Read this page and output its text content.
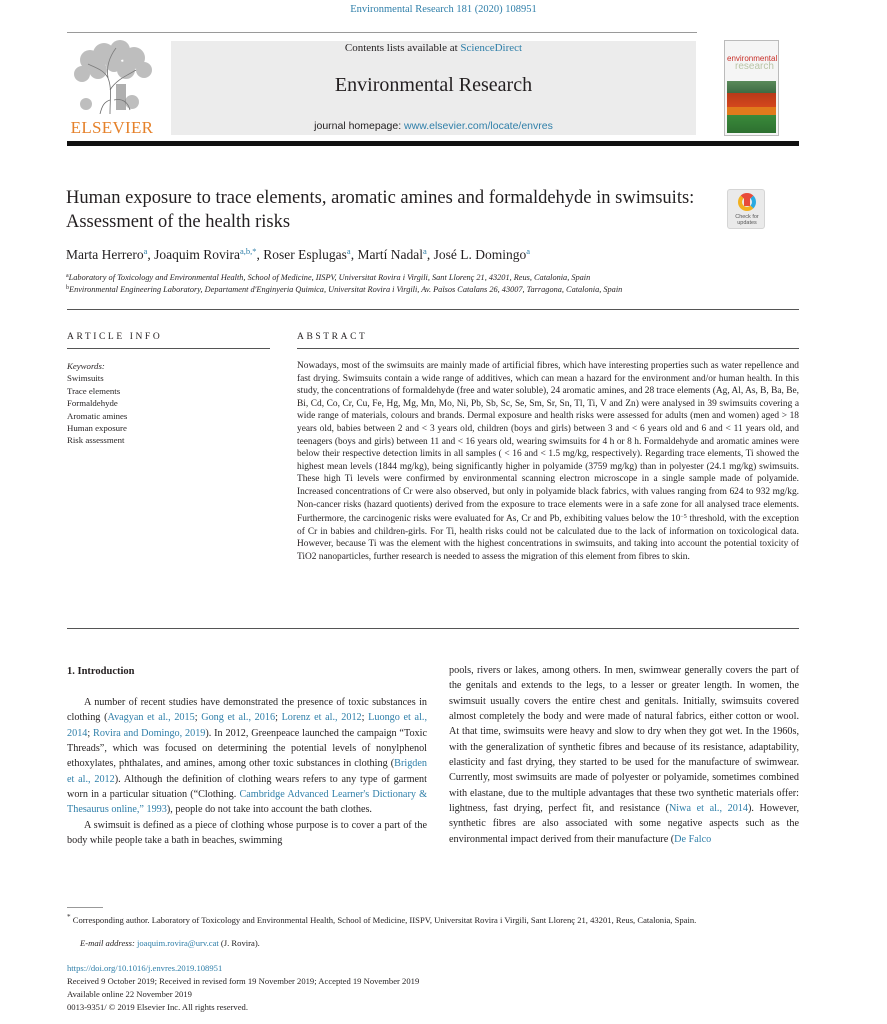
Environmental Research 181 (2020) 108951
ELSEVIER
Contents lists available at ScienceDirect
Environmental Research
journal homepage: www.elsevier.com/locate/envres
environmental
research
Human exposure to trace elements, aromatic amines and formaldehyde in swimsuits: Assessment of the health risks	Check for
updates
Marta Herrero$^a$, Joaquim Rovira$^{a,b,*}$, Roser Esplugas$^a$, Martí Nadal$^a$, José L. Domingo$^a$
$^a$Laboratory of Toxicology and Environmental Health, School of Medicine, IISPV, Universitat Rovira i Virgili, Sant Llorenç 21, 43201, Reus, Catalonia, Spain
$^b$Environmental Engineering Laboratory, Departament d'Enginyeria Quimica, Universitat Rovira i Virgili, Av. Països Catalans 26, 43007, Tarragona, Catalonia, Spain
ARTICLE INFO
Keywords:
Swimsuits
Trace elements
Formaldehyde
Aromatic amines
Human exposure
Risk assessment
ABSTRACT
Nowadays, most of the swimsuits are mainly made of artificial fibres, which have interesting properties such as water repellence and fast drying. Swimsuits contain a wide range of additives, which can mean a hazard for the environment and/or human health. In this study, the concentrations of formaldehyde (free and water soluble), 24 aromatic amines, and 28 trace elements (Ag, Al, As, B, Ba, Be, Bi, Cd, Co, Cr, Cu, Fe, Hg, Mg, Mn, Mo, Ni, Pb, Sb, Sc, Se, Sm, Sr, Sn, Tl, Ti, V and Zn) were analysed in 39 swimsuits covering a wide range of materials, colours and brands. Dermal exposure and health risks were assessed for adults (men and women) aged > 18 years old, babies between 2 and < 3 years old, children (boys and girls) between 3 and < 6 years old and 6 and < 11 years old, and teenagers (boys and girls) between 11 and < 16 years old, wearing swimsuits for 4 h or 8 h. Formaldehyde and aromatic amines were below their respective detection limits in all samples ( < 16 and < 1.5 mg/kg, respectively). Regarding trace elements, Ti showed the highest mean levels (1844 mg/kg), being significantly higher in polyamide (3759 mg/kg) than in polyester (24.1 mg/kg) swimsuits. These high Ti levels were confirmed by environmental scanning electron microscope in a single sample made of polyamide. Increased concentrations of Cr were also observed, but only in polyamide black fabrics, with values ranging from 624 to 932 mg/kg. Non-cancer risks (hazard quotients) derived from the exposure to trace elements were in a safe zone for all analysed trace elements. Furthermore, the carcinogenic risks were evaluated for As, Cr and Pb, exhibiting values below the $10^{-5}$ threshold, with the exception of Cr in babies and children-girls. For Ti, health risks could not be calculated due to the lack of information on toxicological data. However, because Ti was the element with the highest concentrations in swimsuits, and taking into account the potential toxicity of TiO2 nanoparticles, further research is needed to assess the migration of this element from fibres to skin.
1. Introduction

A number of recent studies have demonstrated the presence of toxic substances in clothing (Avagyan et al., 2015; Gong et al., 2016; Lorenz et al., 2012; Luongo et al., 2014; Rovira and Domingo, 2019). In 2012, Greenpeace launched the campaign “Toxic Threads”, which was focused on determining the potential levels of nonylphenol ethoxylates, phthalates, and amines, among other toxic substances in clothing (Brigden et al., 2012). Although the definition of clothing wears refers to any type of garment worn in a particular situation (“Clothing. Cambridge Advanced Learner's Dictionary & Thesaurus online,” 1993), people do not take into account the bath clothes.

A swimsuit is defined as a piece of clothing whose purpose is to cover a part of the body while people take a bath in beaches, swimming

pools, rivers or lakes, among others. In men, swimwear generally covers the part of the genitals and extends to the legs, to a lesser or greater length. In women, the swimsuit usually covers the entire chest and genitals. Initially, swimsuits covered almost completely the body and were made of natural fabrics, either cotton or wool. At that time, swimsuits were heavy and slow to dry when they got wet. In the 1960s, with the generalization of synthetic fibres and because of its resistance, adaptability, elasticity and fast drying, they started to be used for the manufacture of swimwear. Currently, most swimsuits are made of polyester or polyamide, sometimes combined with elastane, due to the multiple advantages that these two synthetic materials offer: lightness, fast drying, perfect fit, and resistance (Niwa et al., 2014). However, synthetic fibres are also associated with some negative aspects such as the environmental impact derived from their manufacture (De Falco

* Corresponding author. Laboratory of Toxicology and Environmental Health, School of Medicine, IISPV, Universitat Rovira i Virgili, Sant Llorenç 21, 43201, Reus, Catalonia, Spain.
E-mail address: joaquim.rovira@urv.cat (J. Rovira).
https://doi.org/10.1016/j.envres.2019.108951
Received 9 October 2019; Received in revised form 19 November 2019; Accepted 19 November 2019
Available online 22 November 2019
0013-9351/ © 2019 Elsevier Inc. All rights reserved.
